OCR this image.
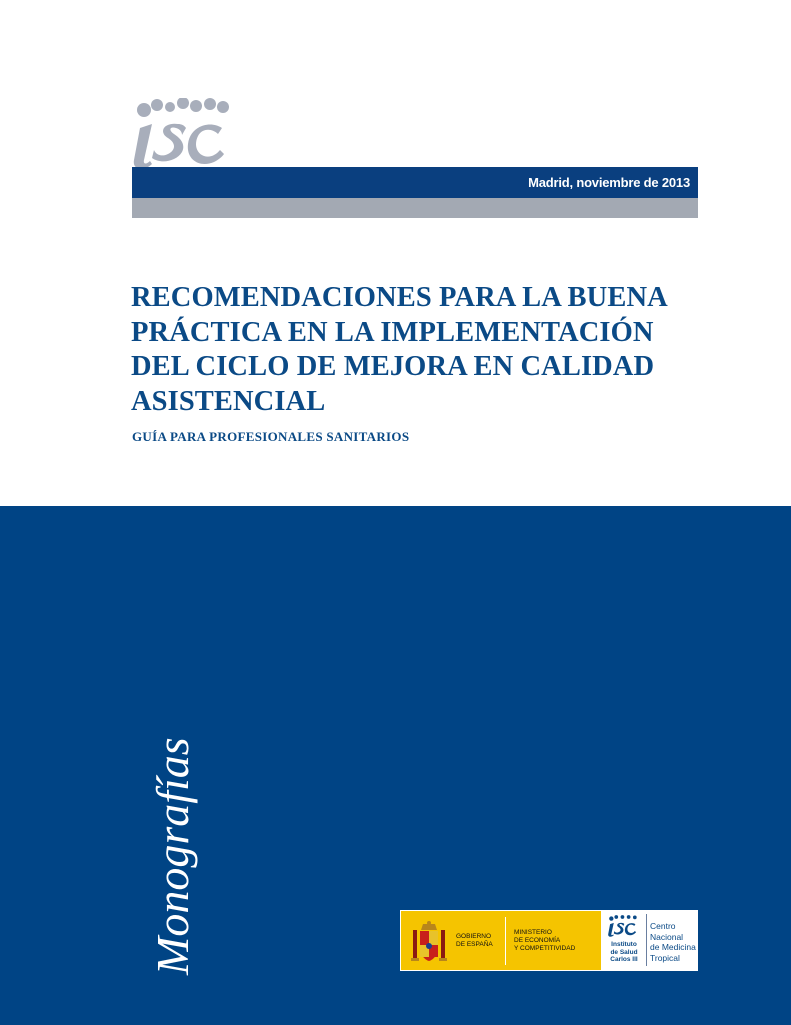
Madrid, noviembre de 2013
RECOMENDACIONES PARA LA BUENA
PRÁCTICA EN LA IMPLEMENTACIÓN
DEL CICLO DE MEJORA EN CALIDAD
ASISTENCIAL

GUÍA PARA PROFESIONALES SANITARIOS

Monografías	GOBIERNO
DE ESPAÑA
MINISTERIO
DE ECONOMÍA
Y COMPETITIVIDAD
Instituto
de Salud
Carlos III
Centro
Nacional
de Medicina
Tropical
